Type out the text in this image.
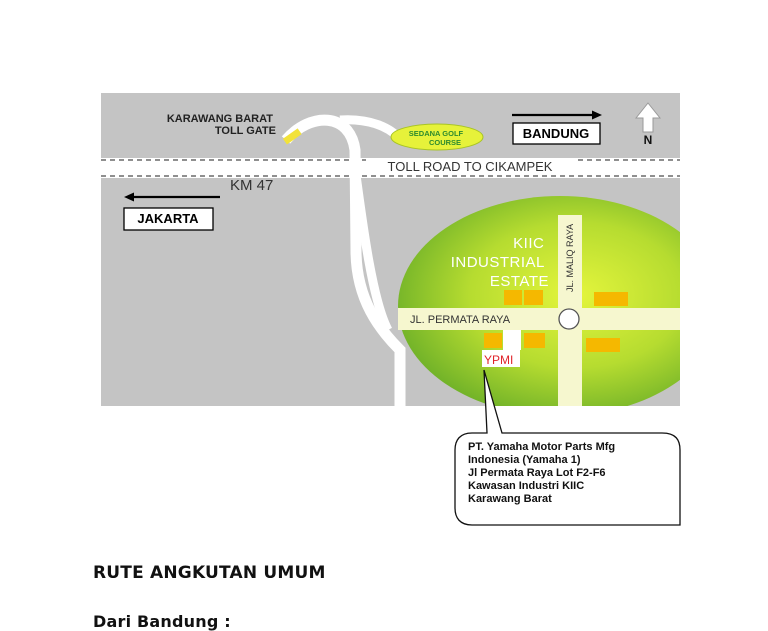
N
BANDUNG
JAKARTA
KARAWANG BARAT TOLL GATE	SEDANA GOLF COURSE
TOLL ROAD TO CIKAMPEK
KM 47
KIIC INDUSTRIAL ESTATE JL. MALIQ RAYA
JL. PERMATA RAYA
YPMI
PT. Yamaha Motor Parts Mfg Indonesia (Yamaha 1) Jl Permata Raya Lot F2-F6 Kawasan Industri KIIC Karawang Barat
RUTE ANGKUTAN UMUM
Dari Bandung :
